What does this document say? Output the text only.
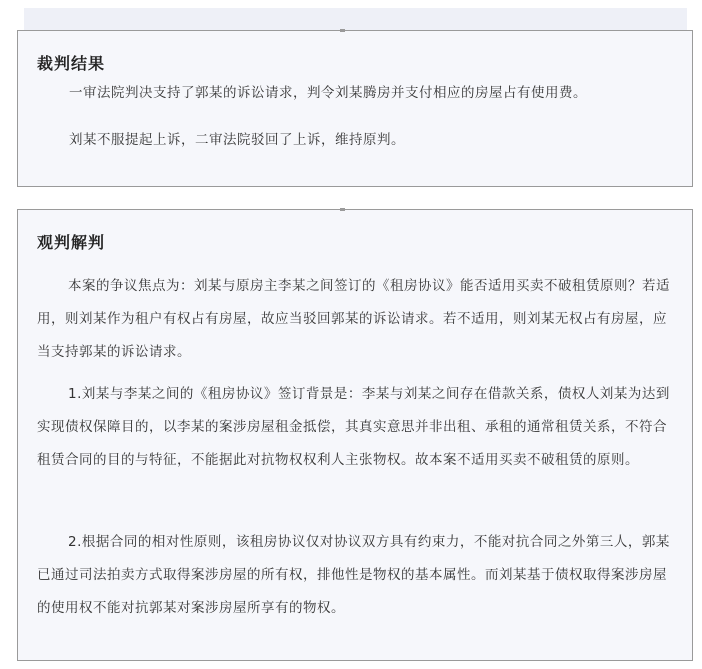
裁判结果
一审法院判决支持了郭某的诉讼请求，判令刘某腾房并支付相应的房屋占有使用费。
刘某不服提起上诉，二审法院驳回了上诉，维持原判。
观判解判
本案的争议焦点为：刘某与原房主李某之间签订的《租房协议》能否适用买卖不破租赁原则？若适用，则刘某作为租户有权占有房屋，故应当驳回郭某的诉讼请求。若不适用，则刘某无权占有房屋，应当支持郭某的诉讼请求。
1.刘某与李某之间的《租房协议》签订背景是：李某与刘某之间存在借款关系，债权人刘某为达到实现债权保障目的，以李某的案涉房屋租金抵偿，其真实意思并非出租、承租的通常租赁关系，不符合租赁合同的目的与特征，不能据此对抗物权权利人主张物权。故本案不适用买卖不破租赁的原则。
2.根据合同的相对性原则，该租房协议仅对协议双方具有约束力，不能对抗合同之外第三人，郭某已通过司法拍卖方式取得案涉房屋的所有权，排他性是物权的基本属性。而刘某基于债权取得案涉房屋的使用权不能对抗郭某对案涉房屋所享有的物权。
